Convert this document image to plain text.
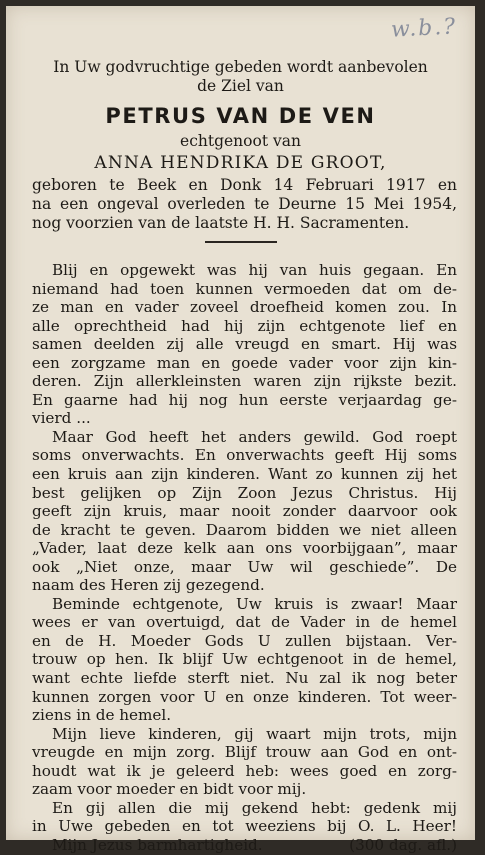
w.b.?
In Uw godvruchtige gebeden wordt aanbevolen
de Ziel van
PETRUS VAN DE VEN
echtgenoot van
ANNA HENDRIKA DE GROOT,
geboren te Beek en Donk 14 Februari 1917 en
na een ongeval overleden te Deurne 15 Mei 1954,
nog voorzien van de laatste H. H. Sacramenten.
Blij en opgewekt was hij van huis gegaan. En
niemand had toen kunnen vermoeden dat om de-
ze man en vader zoveel droefheid komen zou. In
alle oprechtheid had hij zijn echtgenote lief en
samen deelden zij alle vreugd en smart. Hij was
een zorgzame man en goede vader voor zijn kin-
deren. Zijn allerkleinsten waren zijn rijkste bezit.
En gaarne had hij nog hun eerste verjaardag ge-
vierd ...
Maar God heeft het anders gewild. God roept
soms onverwachts. En onverwachts geeft Hij soms
een kruis aan zijn kinderen. Want zo kunnen zij het
best gelijken op Zijn Zoon Jezus Christus. Hij
geeft zijn kruis, maar nooit zonder daarvoor ook
de kracht te geven. Daarom bidden we niet alleen
„Vader, laat deze kelk aan ons voorbijgaan”, maar
ook „Niet onze, maar Uw wil geschiede”. De
naam des Heren zij gezegend.
Beminde echtgenote, Uw kruis is zwaar! Maar
wees er van overtuigd, dat de Vader in de hemel
en de H. Moeder Gods U zullen bijstaan. Ver-
trouw op hen. Ik blijf Uw echtgenoot in de hemel,
want echte liefde sterft niet. Nu zal ik nog beter
kunnen zorgen voor U en onze kinderen. Tot weer-
ziens in de hemel.
Mijn lieve kinderen, gij waart mijn trots, mijn
vreugde en mijn zorg. Blijf trouw aan God en ont-
houdt wat ik je geleerd heb: wees goed en zorg-
zaam voor moeder en bidt voor mij.
En gij allen die mij gekend hebt: gedenk mij
in Uwe gebeden en tot weeziens bij O. L. Heer!
Mijn Jezus barmhartigheid.	(300 dag. afl.)
